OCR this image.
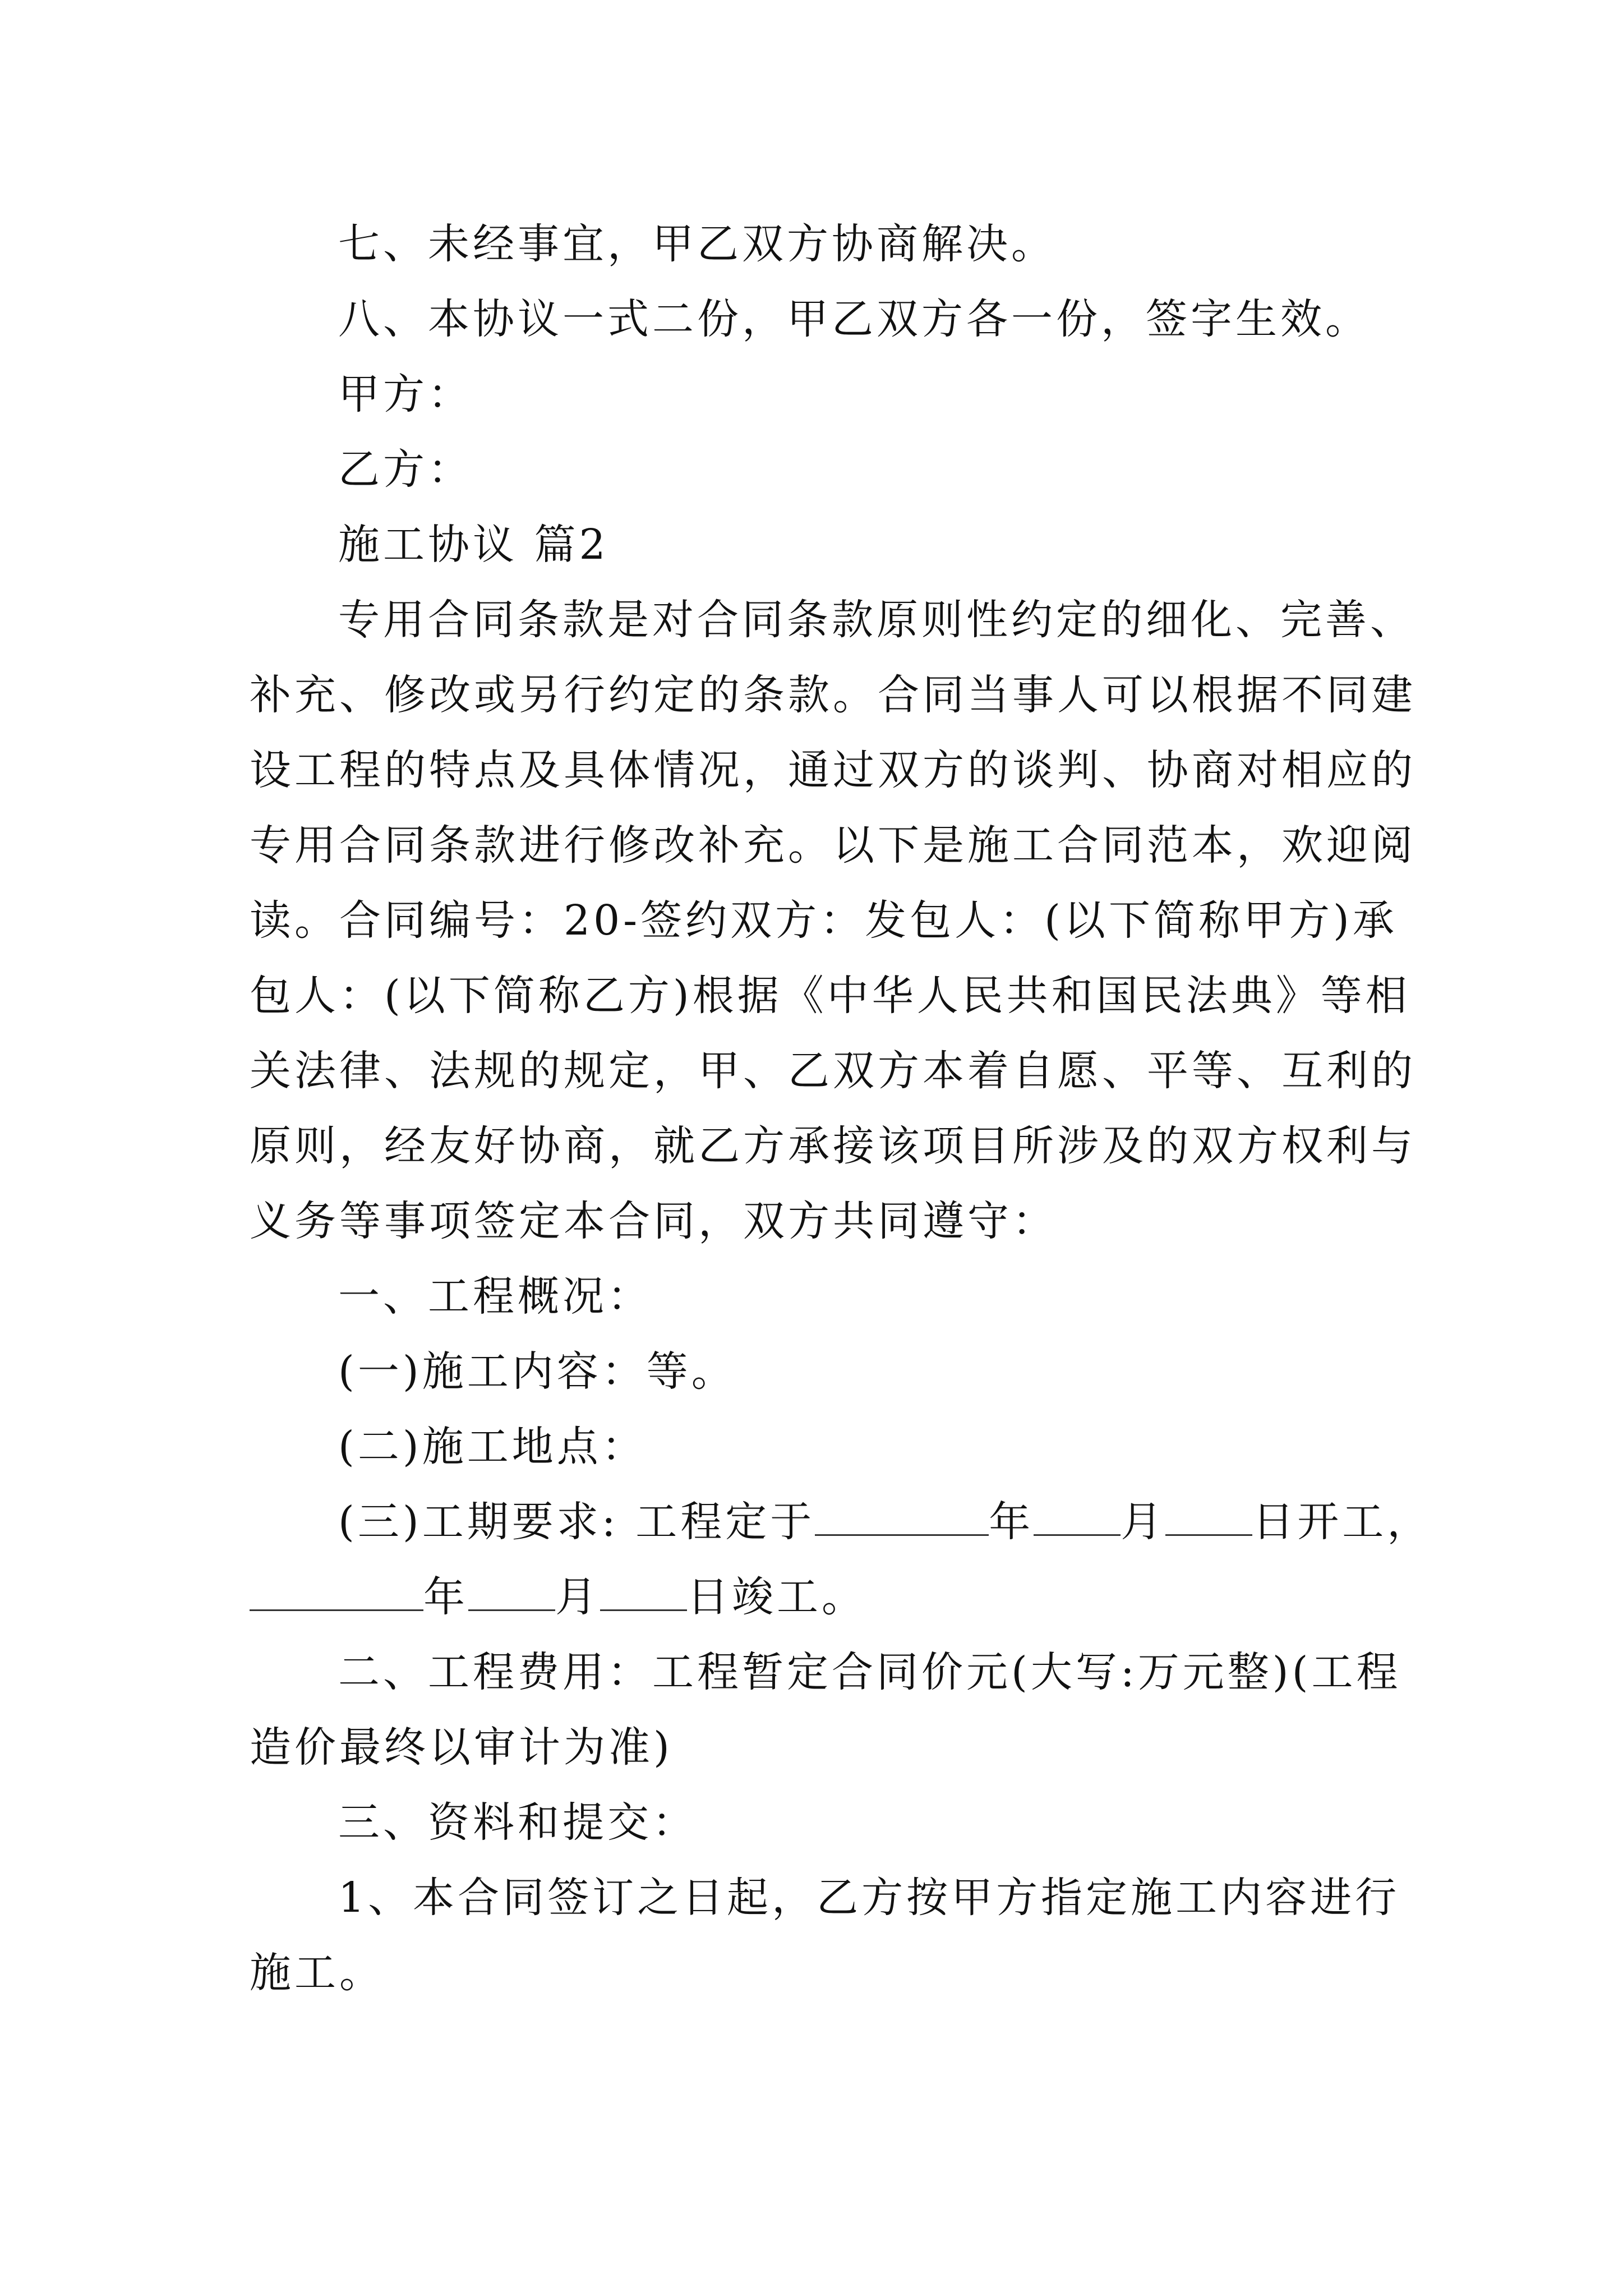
七、未经事宜，甲乙双方协商解决。
八、本协议一式二份，甲乙双方各一份，签字生效。
甲方：
乙方：
施工协议 篇2
专用合同条款是对合同条款原则性约定的细化、完善、
补充、修改或另行约定的条款。合同当事人可以根据不同建
设工程的特点及具体情况，通过双方的谈判、协商对相应的
专用合同条款进行修改补充。以下是施工合同范本，欢迎阅
读。合同编号：20-签约双方：发包人：(以下简称甲方)承
包人：(以下简称乙方)根据《中华人民共和国民法典》等相
关法律、法规的规定，甲、乙双方本着自愿、平等、互利的
原则，经友好协商，就乙方承接该项目所涉及的双方权利与
义务等事项签定本合同，双方共同遵守：
一、工程概况：
(一)施工内容：等。
(二)施工地点：
(三)工期要求: 工程定于	年 月 日开工，
年 月 日竣工。
二、工程费用：工程暂定合同价元(大写:万元整)(工程
造价最终以审计为准)
三、资料和提交：
1、本合同签订之日起，乙方按甲方指定施工内容进行
施工。
